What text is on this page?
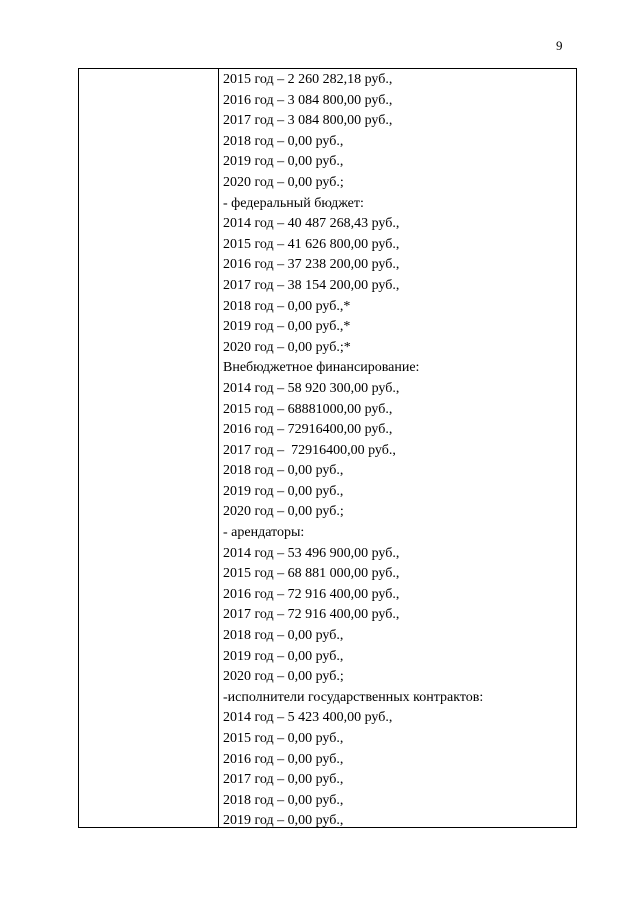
9
2015 год – 2 260 282,18 руб.,
2016 год – 3 084 800,00 руб.,
2017 год – 3 084 800,00 руб.,
2018 год – 0,00 руб.,
2019 год – 0,00 руб.,
2020 год – 0,00 руб.;
- федеральный бюджет:
2014 год – 40 487 268,43 руб.,
2015 год – 41 626 800,00 руб.,
2016 год – 37 238 200,00 руб.,
2017 год – 38 154 200,00 руб.,
2018 год – 0,00 руб.,*
2019 год – 0,00 руб.,*
2020 год – 0,00 руб.;*
Внебюджетное финансирование:
2014 год – 58 920 300,00 руб.,
2015 год – 68881000,00 руб.,
2016 год – 72916400,00 руб.,
2017 год –  72916400,00 руб.,
2018 год – 0,00 руб.,
2019 год – 0,00 руб.,
2020 год – 0,00 руб.;
- арендаторы:
2014 год – 53 496 900,00 руб.,
2015 год – 68 881 000,00 руб.,
2016 год – 72 916 400,00 руб.,
2017 год – 72 916 400,00 руб.,
2018 год – 0,00 руб.,
2019 год – 0,00 руб.,
2020 год – 0,00 руб.;
-исполнители государственных контрактов:
2014 год – 5 423 400,00 руб.,
2015 год – 0,00 руб.,
2016 год – 0,00 руб.,
2017 год – 0,00 руб.,
2018 год – 0,00 руб.,
2019 год – 0,00 руб.,
